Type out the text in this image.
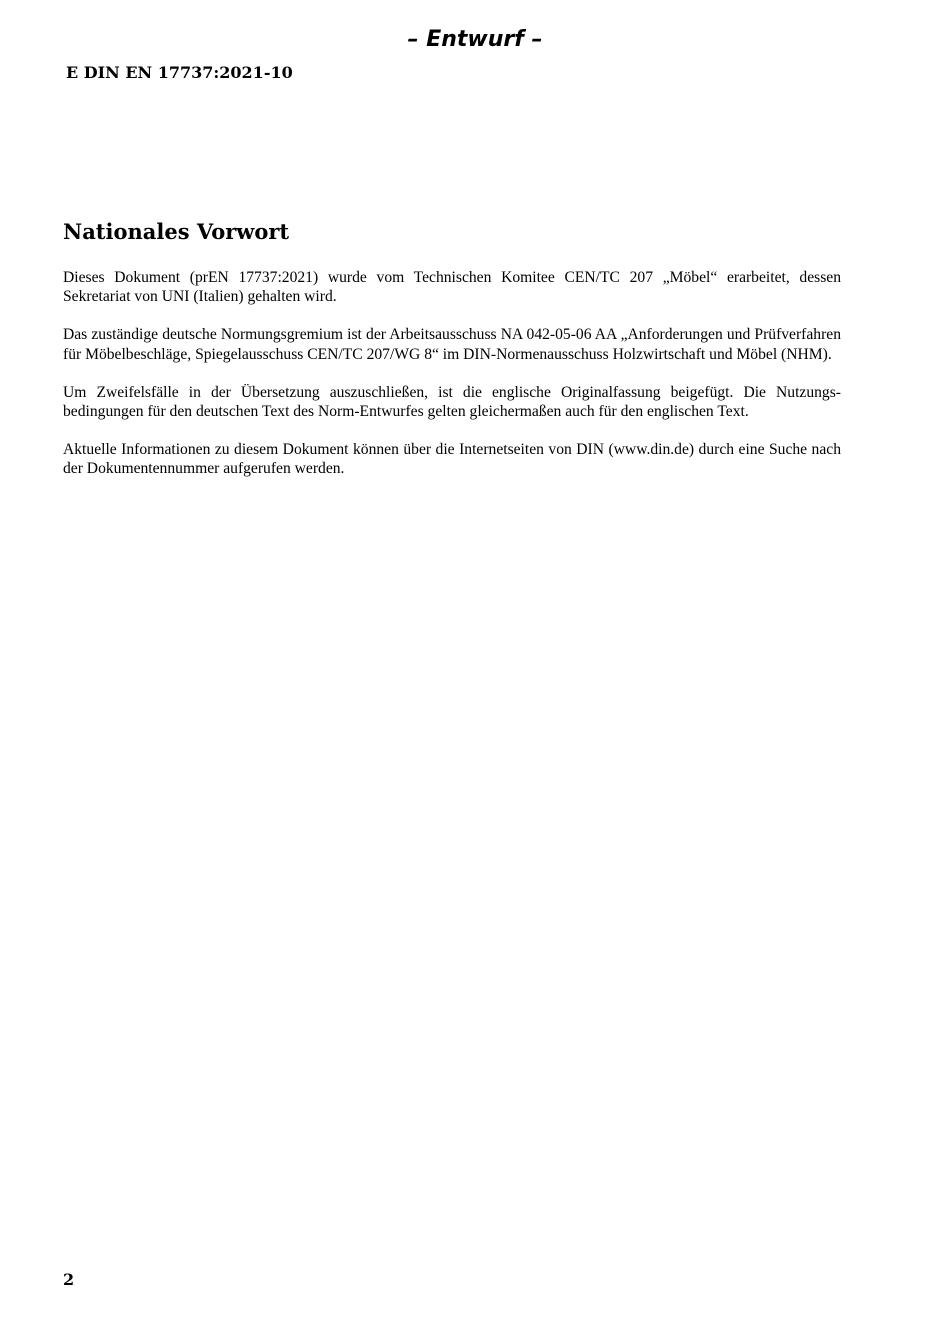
– Entwurf –
E DIN EN 17737:2021-10
Nationales Vorwort

Dieses Dokument (prEN 17737:2021) wurde vom Technischen Komitee CEN/TC 207 „Möbel“ erarbeitet, dessen Sekretariat von UNI (Italien) gehalten wird.

Das zuständige deutsche Normungsgremium ist der Arbeitsausschuss NA 042-05-06 AA „Anforderungen und Prüfverfahren für Möbelbeschläge, Spiegelausschuss CEN/TC 207/WG 8“ im DIN-Normenausschuss Holzwirtschaft und Möbel (NHM).

Um Zweifelsfälle in der Übersetzung auszuschließen, ist die englische Originalfassung beigefügt. Die Nutzungsbedingungen für den deutschen Text des Norm-Entwurfes gelten gleichermaßen auch für den englischen Text.

Aktuelle Informationen zu diesem Dokument können über die Internetseiten von DIN (www.din.de) durch eine Suche nach der Dokumentennummer aufgerufen werden.

2
